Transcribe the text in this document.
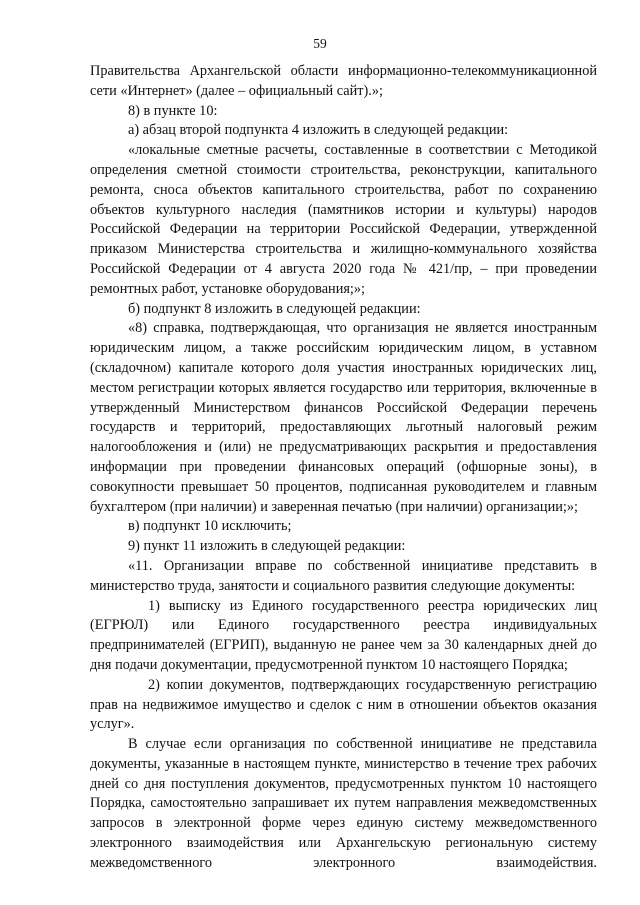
59

Правительства Архангельской области информационно-телекоммуникационной сети «Интернет» (далее – официальный сайт).»;

8) в пункте 10:

а) абзац второй подпункта 4 изложить в следующей редакции:

«локальные сметные расчеты, составленные в соответствии с Методикой определения сметной стоимости строительства, реконструкции, капитального ремонта, сноса объектов капитального строительства, работ по сохранению объектов культурного наследия (памятников истории и культуры) народов Российской Федерации на территории Российской Федерации, утвержденной приказом Министерства строительства и жилищно-коммунального хозяйства Российской Федерации от 4 августа 2020 года № 421/пр, – при проведении ремонтных работ, установке оборудования;»;

б) подпункт 8 изложить в следующей редакции:

«8) справка, подтверждающая, что организация не является иностранным юридическим лицом, а также российским юридическим лицом, в уставном (складочном) капитале которого доля участия иностранных юридических лиц, местом регистрации которых является государство или территория, включенные в утвержденный Министерством финансов Российской Федерации перечень государств и территорий, предоставляющих льготный налоговый режим налогообложения и (или) не предусматривающих раскрытия и предоставления информации при проведении финансовых операций (офшорные зоны), в совокупности превышает 50 процентов, подписанная руководителем и главным бухгалтером (при наличии) и заверенная печатью (при наличии) организации;»;

в) подпункт 10 исключить;

9) пункт 11 изложить в следующей редакции:

«11. Организации вправе по собственной инициативе представить в министерство труда, занятости и социального развития следующие документы:

1) выписку из Единого государственного реестра юридических лиц (ЕГРЮЛ) или Единого государственного реестра индивидуальных предпринимателей (ЕГРИП), выданную не ранее чем за 30 календарных дней до дня подачи документации, предусмотренной пунктом 10 настоящего Порядка;

2) копии документов, подтверждающих государственную регистрацию прав на недвижимое имущество и сделок с ним в отношении объектов оказания услуг».

В случае если организация по собственной инициативе не представила документы, указанные в настоящем пункте, министерство в течение трех рабочих дней со дня поступления документов, предусмотренных пунктом 10 настоящего Порядка, самостоятельно запрашивает их путем направления межведомственных запросов в электронной форме через единую систему межведомственного электронного взаимодействия или Архангельскую региональную систему межведомственного электронного взаимодействия.
